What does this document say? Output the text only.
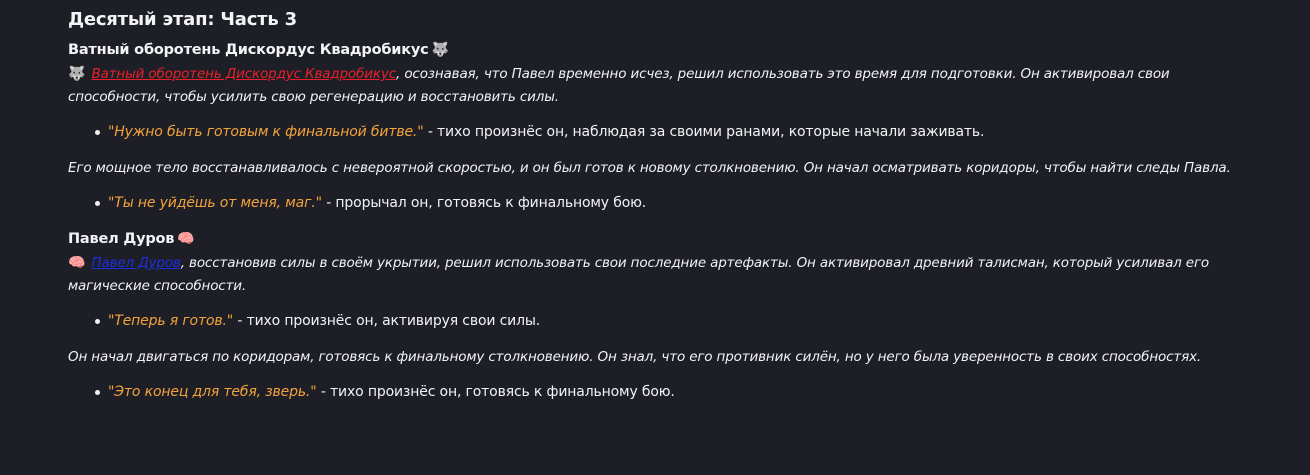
Десятый этап: Часть 3
Ватный оборотень Дискордус Квадробикус 🐺

🐺 Ватный оборотень Дискордус Квадробикус, осознавая, что Павел временно исчез, решил использовать это время для подготовки. Он активировал свои способности, чтобы усилить свою регенерацию и восстановить силы.

"Нужно быть готовым к финальной битве." - тихо произнёс он, наблюдая за своими ранами, которые начали заживать.

Его мощное тело восстанавливалось с невероятной скоростью, и он был готов к новому столкновению. Он начал осматривать коридоры, чтобы найти следы Павла.

"Ты не уйдёшь от меня, маг." - прорычал он, готовясь к финальному бою.
Павел Дуров 🧠

🧠 Павел Дуров, восстановив силы в своём укрытии, решил использовать свои последние артефакты. Он активировал древний талисман, который усиливал его магические способности.

"Теперь я готов." - тихо произнёс он, активируя свои силы.

Он начал двигаться по коридорам, готовясь к финальному столкновению. Он знал, что его противник силён, но у него была уверенность в своих способностях.

"Это конец для тебя, зверь." - тихо произнёс он, готовясь к финальному бою.
